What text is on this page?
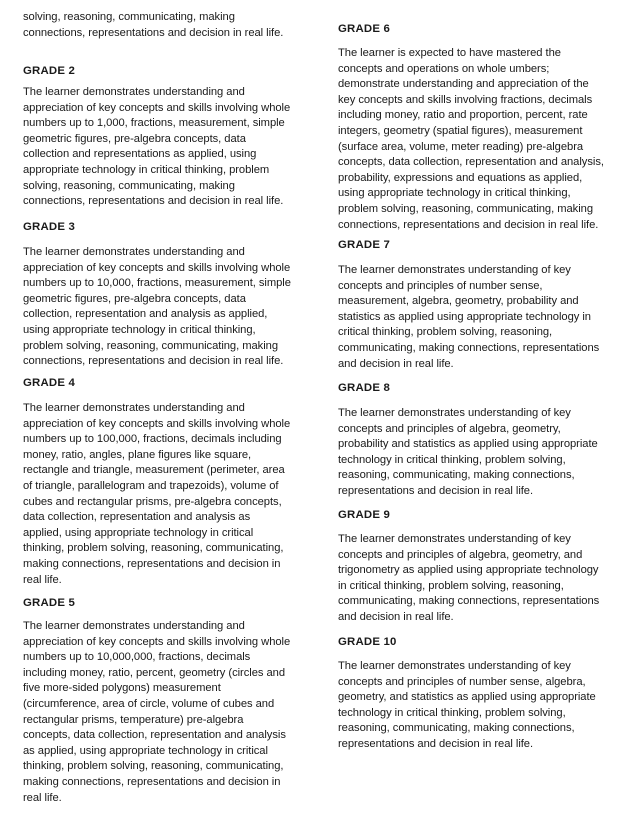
solving, reasoning, communicating, making

connections, representations and decision in real life.

GRADE 2

The learner demonstrates understanding and

appreciation of key concepts and skills involving whole

numbers up to 1,000, fractions, measurement, simple

geometric figures, pre-algebra concepts, data

collection and representations as applied, using

appropriate technology in critical thinking, problem

solving, reasoning, communicating, making

connections, representations and decision in real life.

GRADE 3

The learner demonstrates understanding and

appreciation of key concepts and skills involving whole

numbers up to 10,000, fractions, measurement, simple

geometric figures, pre-algebra concepts, data

collection, representation and analysis as applied,

using appropriate technology in critical thinking,

problem solving, reasoning, communicating, making

connections, representations and decision in real life.

GRADE 4

The learner demonstrates understanding and

appreciation of key concepts and skills involving whole

numbers up to 100,000, fractions, decimals including

money, ratio, angles, plane figures like square,

rectangle and triangle, measurement (perimeter, area

of triangle, parallelogram and trapezoids), volume of

cubes and rectangular prisms, pre-algebra concepts,

data collection, representation and analysis as

applied, using appropriate technology in critical

thinking, problem solving, reasoning, communicating,

making connections, representations and decision in

real life.

GRADE 5

The learner demonstrates understanding and

appreciation of key concepts and skills involving whole

numbers up to 10,000,000, fractions, decimals

including money, ratio, percent, geometry (circles and

five more-sided polygons) measurement

(circumference, area of circle, volume of cubes and

rectangular prisms, temperature) pre-algebra

concepts, data collection, representation and analysis

as applied, using appropriate technology in critical

thinking, problem solving, reasoning, communicating,

making connections, representations and decision in

real life.

GRADE 6

The learner is expected to have mastered the

concepts and operations on whole umbers;

demonstrate understanding and appreciation of the

key concepts and skills involving fractions, decimals

including money, ratio and proportion, percent, rate

integers, geometry (spatial figures), measurement

(surface area, volume, meter reading) pre-algebra

concepts, data collection, representation and analysis,

probability, expressions and equations as applied,

using appropriate technology in critical thinking,

problem solving, reasoning, communicating, making

connections, representations and decision in real life.

GRADE 7

The learner demonstrates understanding of key

concepts and principles of number sense,

measurement, algebra, geometry, probability and

statistics as applied using appropriate technology in

critical thinking, problem solving, reasoning,

communicating, making connections, representations

and decision in real life.

GRADE 8

The learner demonstrates understanding of key

concepts and principles of algebra, geometry,

probability and statistics as applied using appropriate

technology in critical thinking, problem solving,

reasoning, communicating, making connections,

representations and decision in real life.

GRADE 9

The learner demonstrates understanding of key

concepts and principles of algebra, geometry, and

trigonometry as applied using appropriate technology

in critical thinking, problem solving, reasoning,

communicating, making connections, representations

and decision in real life.

GRADE 10

The learner demonstrates understanding of key

concepts and principles of number sense, algebra,

geometry, and statistics as applied using appropriate

technology in critical thinking, problem solving,

reasoning, communicating, making connections,

representations and decision in real life.
